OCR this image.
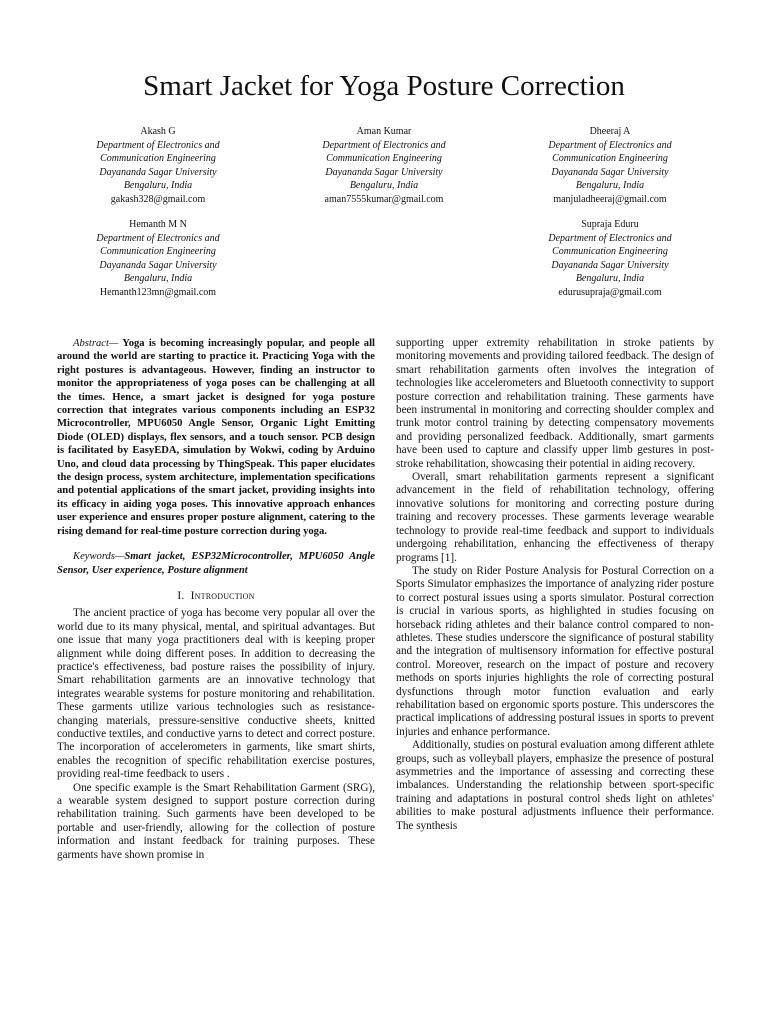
Smart Jacket for Yoga Posture Correction
Akash G
Department of Electronics and
Communication Engineering
Dayananda Sagar University
Bengaluru, India
gakash328@gmail.com
Aman Kumar
Department of Electronics and
Communication Engineering
Dayananda Sagar University
Bengaluru, India
aman7555kumar@gmail.com
Dheeraj A
Department of Electronics and
Communication Engineering
Dayananda Sagar University
Bengaluru, India
manjuladheeraj@gmail.com
Hemanth M N
Department of Electronics and
Communication Engineering
Dayananda Sagar University
Bengaluru, India
Hemanth123mn@gmail.com
Supraja Eduru
Department of Electronics and
Communication Engineering
Dayananda Sagar University
Bengaluru, India
edurusupraja@gmail.com

Abstract— Yoga is becoming increasingly popular, and people all around the world are starting to practice it. Practicing Yoga with the right postures is advantageous. However, finding an instructor to monitor the appropriateness of yoga poses can be challenging at all the times. Hence, a smart jacket is designed for yoga posture correction that integrates various components including an ESP32 Microcontroller, MPU6050 Angle Sensor, Organic Light Emitting Diode (OLED) displays, flex sensors, and a touch sensor. PCB design is facilitated by EasyEDA, simulation by Wokwi, coding by Arduino Uno, and cloud data processing by ThingSpeak. This paper elucidates the design process, system architecture, implementation specifications and potential applications of the smart jacket, providing insights into its efficacy in aiding yoga poses. This innovative approach enhances user experience and ensures proper posture alignment, catering to the rising demand for real-time posture correction during yoga.

Keywords—Smart jacket, ESP32Microcontroller, MPU6050 Angle Sensor, User experience, Posture alignment

I. Introduction

The ancient practice of yoga has become very popular all over the world due to its many physical, mental, and spiritual advantages. But one issue that many yoga practitioners deal with is keeping proper alignment while doing different poses. In addition to decreasing the practice's effectiveness, bad posture raises the possibility of injury. Smart rehabilitation garments are an innovative technology that integrates wearable systems for posture monitoring and rehabilitation. These garments utilize various technologies such as resistance-changing materials, pressure-sensitive conductive sheets, knitted conductive textiles, and conductive yarns to detect and correct posture. The incorporation of accelerometers in garments, like smart shirts, enables the recognition of specific rehabilitation exercise postures, providing real-time feedback to users .

One specific example is the Smart Rehabilitation Garment (SRG), a wearable system designed to support posture correction during rehabilitation training. Such garments have been developed to be portable and user-friendly, allowing for the collection of posture information and instant feedback for training purposes. These garments have shown promise in

supporting upper extremity rehabilitation in stroke patients by monitoring movements and providing tailored feedback. The design of smart rehabilitation garments often involves the integration of technologies like accelerometers and Bluetooth connectivity to support posture correction and rehabilitation training. These garments have been instrumental in monitoring and correcting shoulder complex and trunk motor control training by detecting compensatory movements and providing personalized feedback. Additionally, smart garments have been used to capture and classify upper limb gestures in post-stroke rehabilitation, showcasing their potential in aiding recovery.

Overall, smart rehabilitation garments represent a significant advancement in the field of rehabilitation technology, offering innovative solutions for monitoring and correcting posture during training and recovery processes. These garments leverage wearable technology to provide real-time feedback and support to individuals undergoing rehabilitation, enhancing the effectiveness of therapy programs [1].

The study on Rider Posture Analysis for Postural Correction on a Sports Simulator emphasizes the importance of analyzing rider posture to correct postural issues using a sports simulator. Postural correction is crucial in various sports, as highlighted in studies focusing on horseback riding athletes and their balance control compared to non-athletes. These studies underscore the significance of postural stability and the integration of multisensory information for effective postural control. Moreover, research on the impact of posture and recovery methods on sports injuries highlights the role of correcting postural dysfunctions through motor function evaluation and early rehabilitation based on ergonomic sports posture. This underscores the practical implications of addressing postural issues in sports to prevent injuries and enhance performance.

Additionally, studies on postural evaluation among different athlete groups, such as volleyball players, emphasize the presence of postural asymmetries and the importance of assessing and correcting these imbalances. Understanding the relationship between sport-specific training and adaptations in postural control sheds light on athletes' abilities to make postural adjustments influence their performance. The synthesis
